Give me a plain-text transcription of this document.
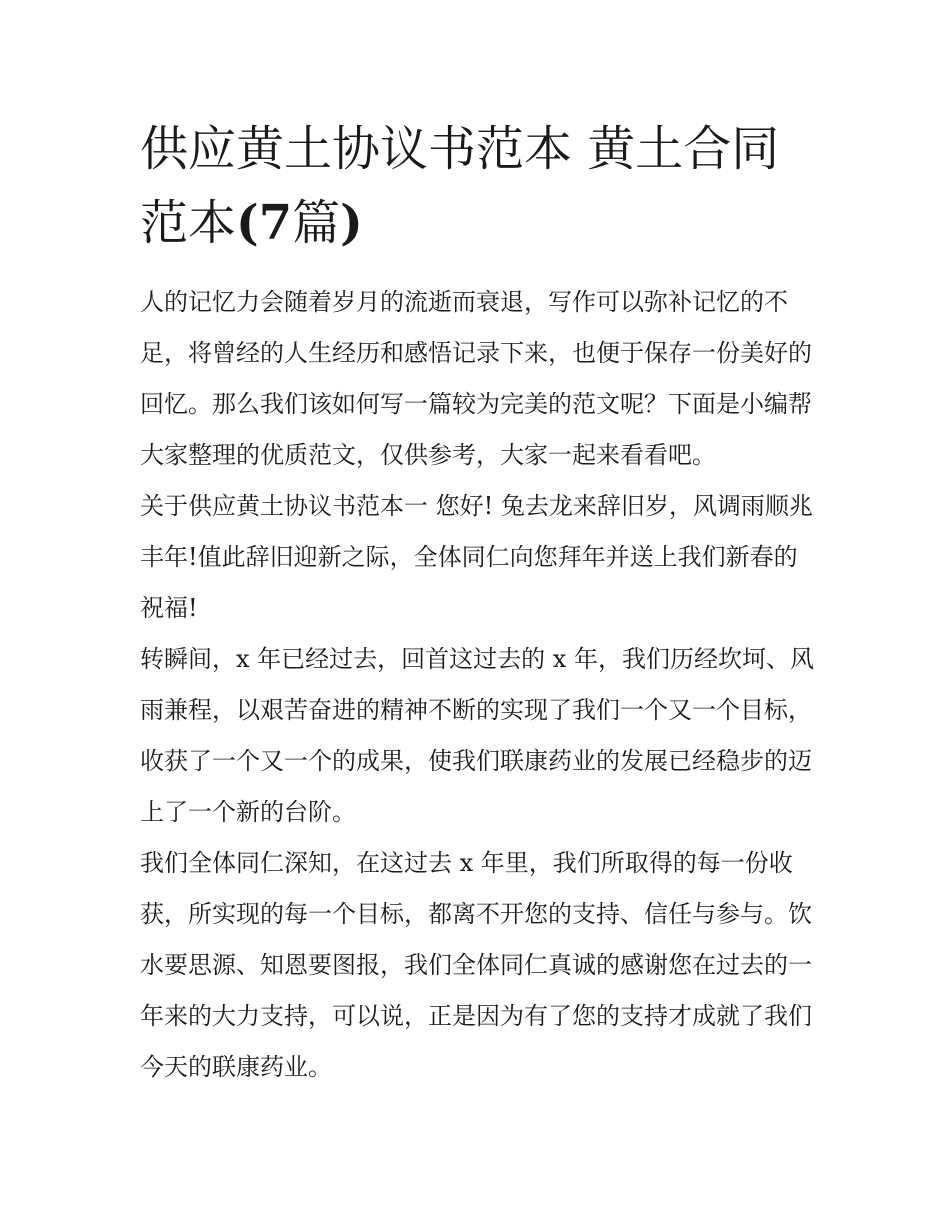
供应黄土协议书范本 黄土合同
范本(7篇)

人的记忆力会随着岁月的流逝而衰退，写作可以弥补记忆的不足，将曾经的人生经历和感悟记录下来，也便于保存一份美好的回忆。那么我们该如何写一篇较为完美的范文呢？下面是小编帮大家整理的优质范文，仅供参考，大家一起来看看吧。

关于供应黄土协议书范本一 您好! 兔去龙来辞旧岁，风调雨顺兆丰年!值此辞旧迎新之际，全体同仁向您拜年并送上我们新春的祝福!

转瞬间，x 年已经过去，回首这过去的 x 年，我们历经坎坷、风雨兼程，以艰苦奋进的精神不断的实现了我们一个又一个目标，收获了一个又一个的成果，使我们联康药业的发展已经稳步的迈上了一个新的台阶。

我们全体同仁深知，在这过去 x 年里，我们所取得的每一份收获，所实现的每一个目标，都离不开您的支持、信任与参与。饮水要思源、知恩要图报，我们全体同仁真诚的感谢您在过去的一年来的大力支持，可以说，正是因为有了您的支持才成就了我们今天的联康药业。
